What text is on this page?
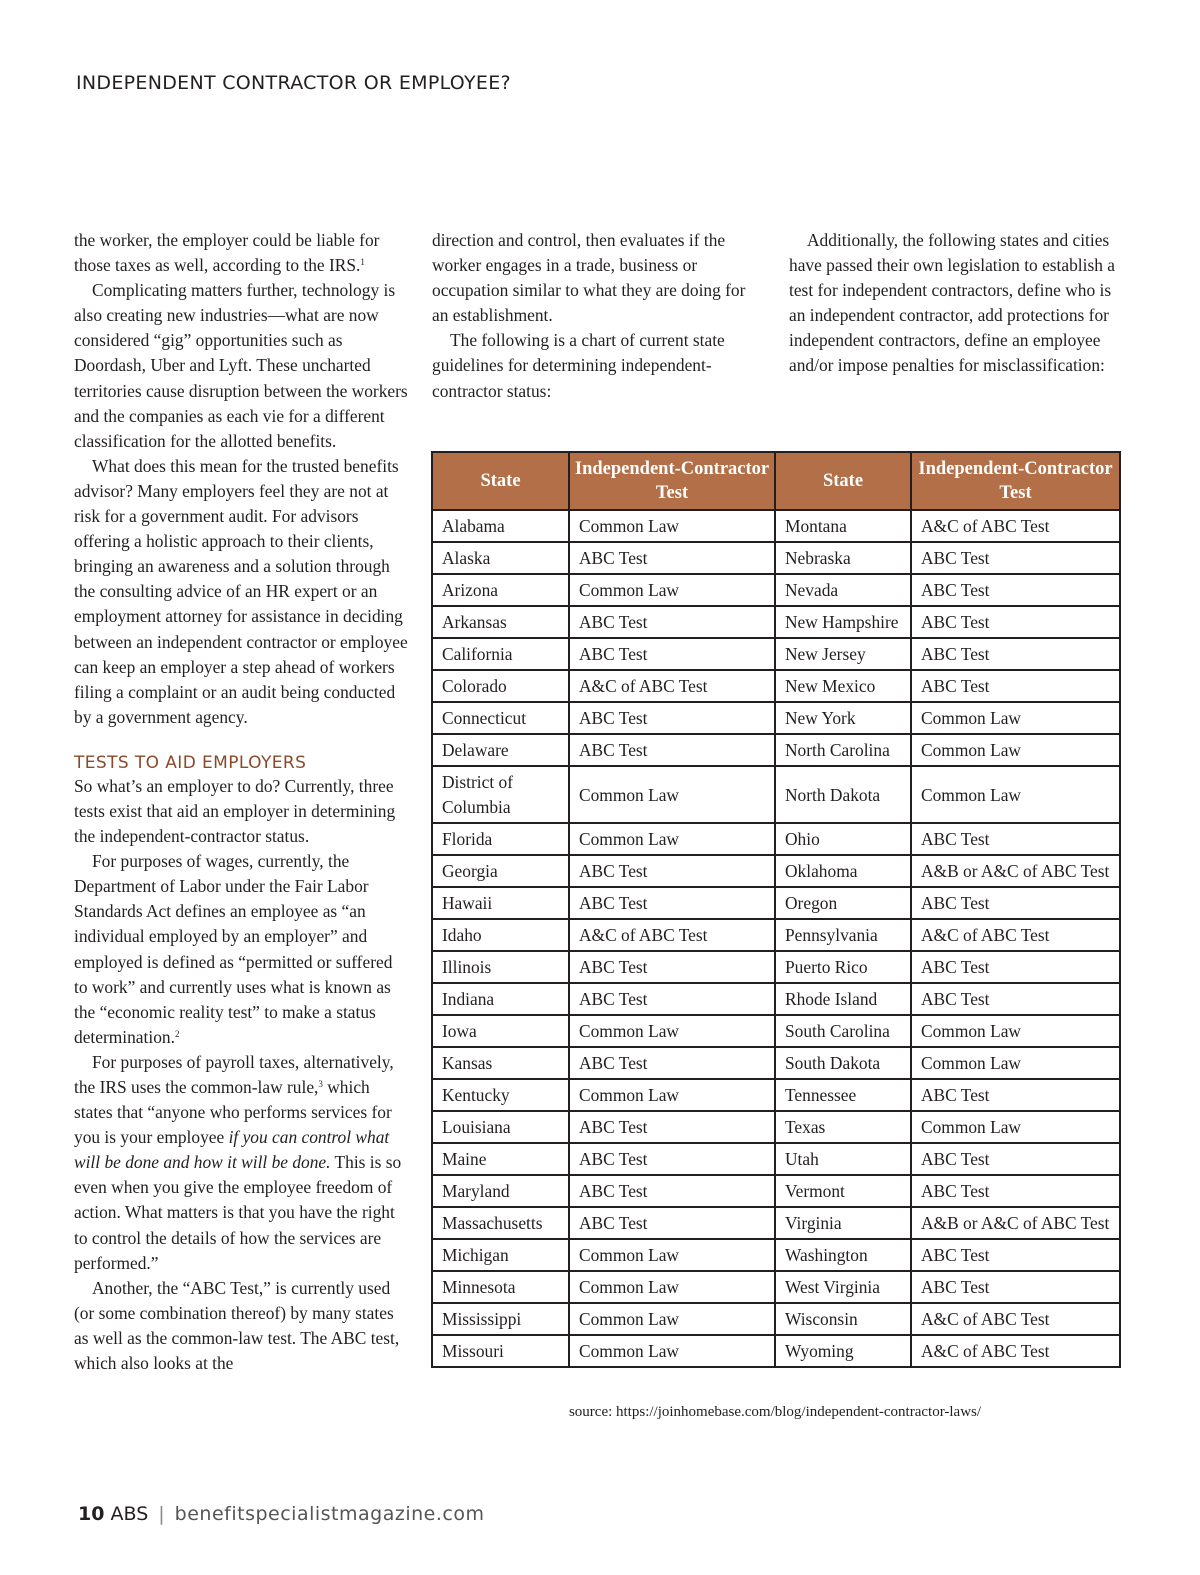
INDEPENDENT CONTRACTOR OR EMPLOYEE?

the worker, the employer could be liable for those taxes as well, according to the IRS.$^1$

Complicating matters further, technology is also creating new industries—what are now considered “gig” opportunities such as Doordash, Uber and Lyft. These uncharted territories cause disruption between the workers and the companies as each vie for a different classification for the allotted benefits.

What does this mean for the trusted benefits advisor? Many employers feel they are not at risk for a government audit. For advisors offering a holistic approach to their clients, bringing an awareness and a solution through the consulting advice of an HR expert or an employment attorney for assistance in deciding between an independent contractor or employee can keep an employer a step ahead of workers filing a complaint or an audit being conducted by a government agency.

TESTS TO AID EMPLOYERS

So what’s an employer to do? Currently, three tests exist that aid an employer in determining the independent-contractor status.

For purposes of wages, currently, the Department of Labor under the Fair Labor Standards Act defines an employee as “an individual employed by an employer” and employed is defined as “permitted or suffered to work” and currently uses what is known as the “economic reality test” to make a status determination.$^2$

For purposes of payroll taxes, alternatively, the IRS uses the common-law rule,$^3$ which states that “anyone who performs services for you is your employee if you can control what will be done and how it will be done. This is so even when you give the employee freedom of action. What matters is that you have the right to control the details of how the services are performed.”

Another, the “ABC Test,” is currently used (or some combination thereof) by many states as well as the common-law test. The ABC test, which also looks at the

direction and control, then evaluates if the worker engages in a trade, business or occupation similar to what they are doing for an establishment.

The following is a chart of current state guidelines for determining independent-contractor status:

Additionally, the following states and cities have passed their own legislation to establish a test for independent contractors, define who is an independent contractor, add protections for independent contractors, define an employee and/or impose penalties for misclassification:

State	Independent-Contractor Test	State	Independent-Contractor Test
Alabama	Common Law	Montana	A&C of ABC Test
Alaska	ABC Test	Nebraska	ABC Test
Arizona	Common Law	Nevada	ABC Test
Arkansas	ABC Test	New Hampshire	ABC Test
California	ABC Test	New Jersey	ABC Test
Colorado	A&C of ABC Test	New Mexico	ABC Test
Connecticut	ABC Test	New York	Common Law
Delaware	ABC Test	North Carolina	Common Law
District of Columbia	Common Law	North Dakota	Common Law
Florida	Common Law	Ohio	ABC Test
Georgia	ABC Test	Oklahoma	A&B or A&C of ABC Test
Hawaii	ABC Test	Oregon	ABC Test
Idaho	A&C of ABC Test	Pennsylvania	A&C of ABC Test
Illinois	ABC Test	Puerto Rico	ABC Test
Indiana	ABC Test	Rhode Island	ABC Test
Iowa	Common Law	South Carolina	Common Law
Kansas	ABC Test	South Dakota	Common Law
Kentucky	Common Law	Tennessee	ABC Test
Louisiana	ABC Test	Texas	Common Law
Maine	ABC Test	Utah	ABC Test
Maryland	ABC Test	Vermont	ABC Test
Massachusetts	ABC Test	Virginia	A&B or A&C of ABC Test
Michigan	Common Law	Washington	ABC Test
Minnesota	Common Law	West Virginia	ABC Test
Mississippi	Common Law	Wisconsin	A&C of ABC Test
Missouri	Common Law	Wyoming	A&C of ABC Test
source: https://joinhomebase.com/blog/independent-contractor-laws/
10 ABS | benefitspecialistmagazine.com
